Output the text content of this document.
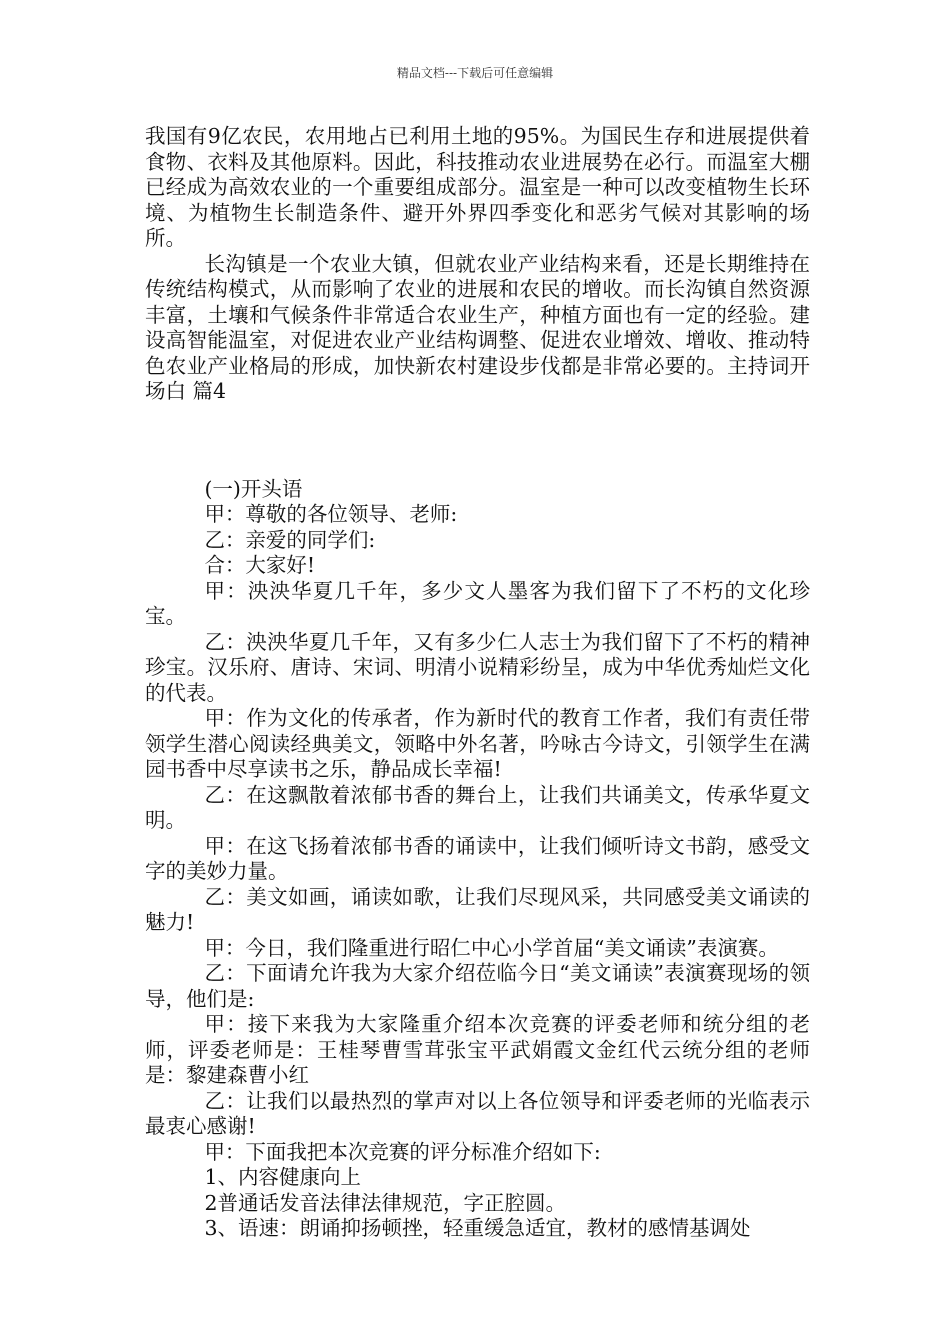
精品文档---下载后可任意编辑

我国有9亿农民，农用地占已利用土地的95%。为国民生存和进展提供着食物、衣料及其他原料。因此，科技推动农业进展势在必行。而温室大棚已经成为高效农业的一个重要组成部分。温室是一种可以改变植物生长环境、为植物生长制造条件、避开外界四季变化和恶劣气候对其影响的场所。

长沟镇是一个农业大镇，但就农业产业结构来看，还是长期维持在传统结构模式，从而影响了农业的进展和农民的增收。而长沟镇自然资源丰富，土壤和气候条件非常适合农业生产，种植方面也有一定的经验。建设高智能温室，对促进农业产业结构调整、促进农业增效、增收、推动特色农业产业格局的形成，加快新农村建设步伐都是非常必要的。主持词开场白 篇4

(一)开头语

甲：尊敬的各位领导、老师:

乙：亲爱的同学们:

合：大家好!

甲：泱泱华夏几千年，多少文人墨客为我们留下了不朽的文化珍宝。

乙：泱泱华夏几千年，又有多少仁人志士为我们留下了不朽的精神珍宝。汉乐府、唐诗、宋词、明清小说精彩纷呈，成为中华优秀灿烂文化的代表。

甲：作为文化的传承者，作为新时代的教育工作者，我们有责任带领学生潜心阅读经典美文，领略中外名著，吟咏古今诗文，引领学生在满园书香中尽享读书之乐，静品成长幸福!

乙：在这飘散着浓郁书香的舞台上，让我们共诵美文，传承华夏文明。

甲：在这飞扬着浓郁书香的诵读中，让我们倾听诗文书韵，感受文字的美妙力量。

乙：美文如画，诵读如歌，让我们尽现风采，共同感受美文诵读的魅力!

甲：今日，我们隆重进行昭仁中心小学首届“美文诵读”表演赛。

乙：下面请允许我为大家介绍莅临今日“美文诵读”表演赛现场的领导，他们是:

甲：接下来我为大家隆重介绍本次竞赛的评委老师和统分组的老师，评委老师是：王桂琴曹雪茸张宝平武娟霞文金红代云统分组的老师是：黎建森曹小红

乙：让我们以最热烈的掌声对以上各位领导和评委老师的光临表示最衷心感谢!

甲：下面我把本次竞赛的评分标准介绍如下:

1、内容健康向上

2普通话发音法律法律规范，字正腔圆。

3、语速：朗诵抑扬顿挫，轻重缓急适宜，教材的感情基调处
